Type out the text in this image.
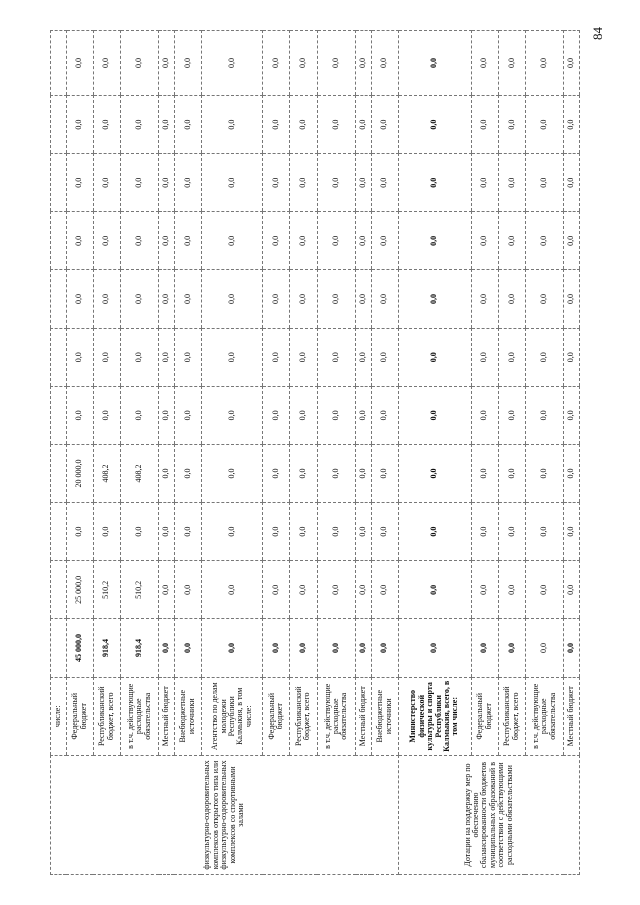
84
физкультурно-оздоровительных комплексов открытого типа или физкультурно-оздоровительных комплексов со спортивными залами	числе:											
	Федеральный бюджет	45 000,0	25 000,0	0,0	20 000,0	0,0	0,0	0,0	0,0	0,0	0,0	0,0
	Республиканский бюджет, всего	918,4	510,2	0,0	408,2	0,0	0,0	0,0	0,0	0,0	0,0	0,0
	в т.ч. действующие расходные обязательства	918,4	510,2	0,0	408,2	0,0	0,0	0,0	0,0	0,0	0,0	0,0
	Местный бюджет	0,0	0,0	0,0	0,0	0,0	0,0	0,0	0,0	0,0	0,0	0,0
	Внебюджетные источники	0,0	0,0	0,0	0,0	0,0	0,0	0,0	0,0	0,0	0,0	0,0
	Агентство по делам молодежи Республики Калмыкия, в том числе:	0,0	0,0	0,0	0,0	0,0	0,0	0,0	0,0	0,0	0,0	0,0
	Федеральный бюджет	0,0	0,0	0,0	0,0	0,0	0,0	0,0	0,0	0,0	0,0	0,0
	Республиканский бюджет, всего	0,0	0,0	0,0	0,0	0,0	0,0	0,0	0,0	0,0	0,0	0,0
	в т.ч. действующие расходные обязательства	0,0	0,0	0,0	0,0	0,0	0,0	0,0	0,0	0,0	0,0	0,0
	Местный бюджет	0,0	0,0	0,0	0,0	0,0	0,0	0,0	0,0	0,0	0,0	0,0
	Внебюджетные источники	0,0	0,0	0,0	0,0	0,0	0,0	0,0	0,0	0,0	0,0	0,0
Дотации на поддержку мер по обеспечению сбалансированности бюджетов муниципальных образований в соответствии с действующими расходными обязательствами	Министерство физической культуры и спорта Республики Калмыкия, всего, в том числе:	0,0	0,0	0,0	0,0	0,0	0,0	0,0	0,0	0,0	0,0	0,0
	Федеральный бюджет	0,0	0,0	0,0	0,0	0,0	0,0	0,0	0,0	0,0	0,0	0,0
	Республиканский бюджет, всего	0,0	0,0	0,0	0,0	0,0	0,0	0,0	0,0	0,0	0,0	0,0
	в т.ч. действующие расходные обязательства	0,0	0,0	0,0	0,0	0,0	0,0	0,0	0,0	0,0	0,0	0,0
	Местный бюджет	0,0	0,0	0,0	0,0	0,0	0,0	0,0	0,0	0,0	0,0	0,0
